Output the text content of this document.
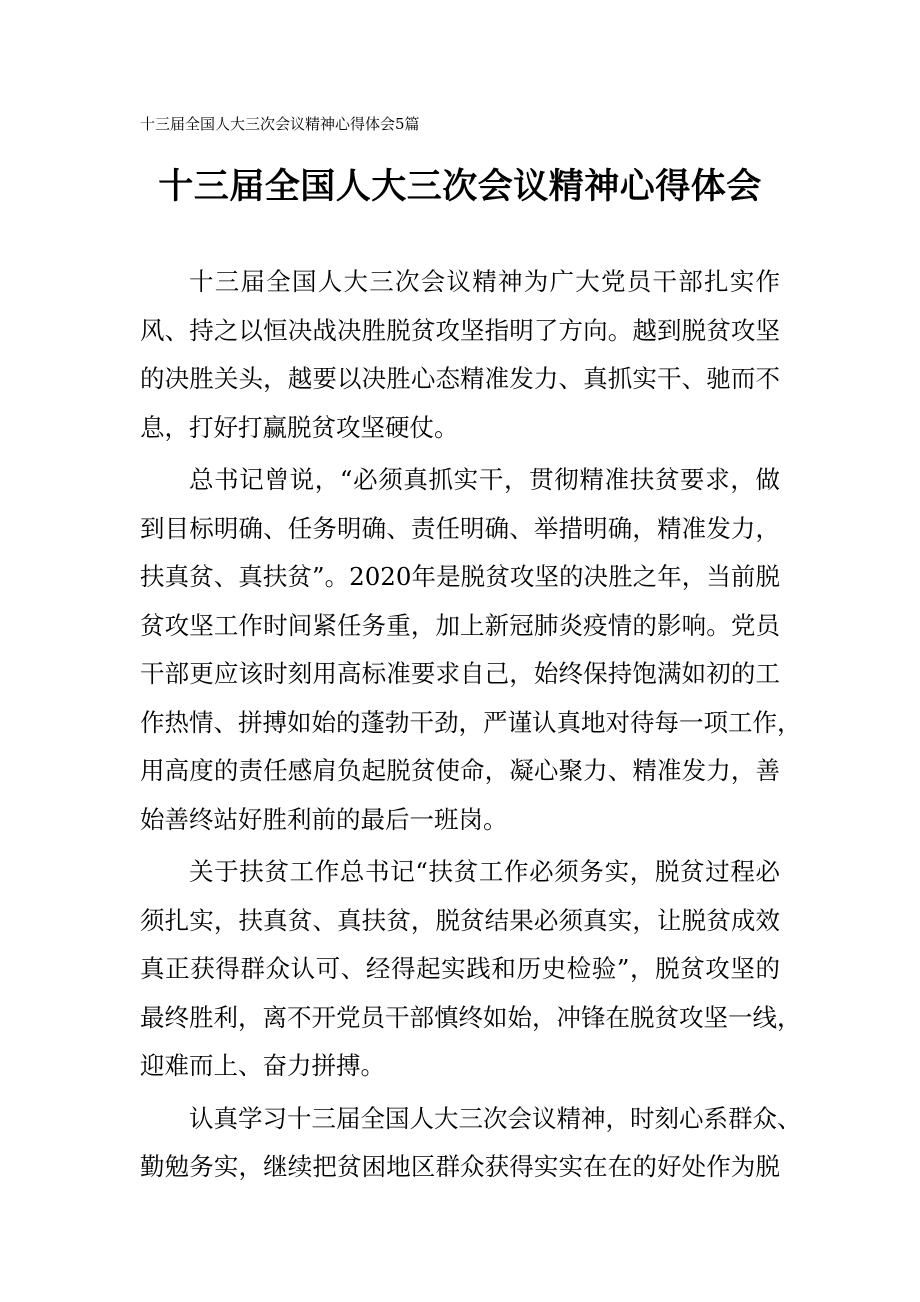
十三届全国人大三次会议精神心得体会5篇
十三届全国人大三次会议精神心得体会
十三届全国人大三次会议精神为广大党员干部扎实作
风、持之以恒决战决胜脱贫攻坚指明了方向。越到脱贫攻坚
的决胜关头，越要以决胜心态精准发力、真抓实干、驰而不
息，打好打赢脱贫攻坚硬仗。
总书记曾说，“必须真抓实干，贯彻精准扶贫要求，做
到目标明确、任务明确、责任明确、举措明确，精准发力，
扶真贫、真扶贫”。2020年是脱贫攻坚的决胜之年，当前脱
贫攻坚工作时间紧任务重，加上新冠肺炎疫情的影响。党员
干部更应该时刻用高标准要求自己，始终保持饱满如初的工
作热情、拼搏如始的蓬勃干劲，严谨认真地对待每一项工作，
用高度的责任感肩负起脱贫使命，凝心聚力、精准发力，善
始善终站好胜利前的最后一班岗。
关于扶贫工作总书记“扶贫工作必须务实，脱贫过程必
须扎实，扶真贫、真扶贫，脱贫结果必须真实，让脱贫成效
真正获得群众认可、经得起实践和历史检验”，脱贫攻坚的
最终胜利，离不开党员干部慎终如始，冲锋在脱贫攻坚一线，
迎难而上、奋力拼搏。
认真学习十三届全国人大三次会议精神，时刻心系群众、
勤勉务实，继续把贫困地区群众获得实实在在的好处作为脱
